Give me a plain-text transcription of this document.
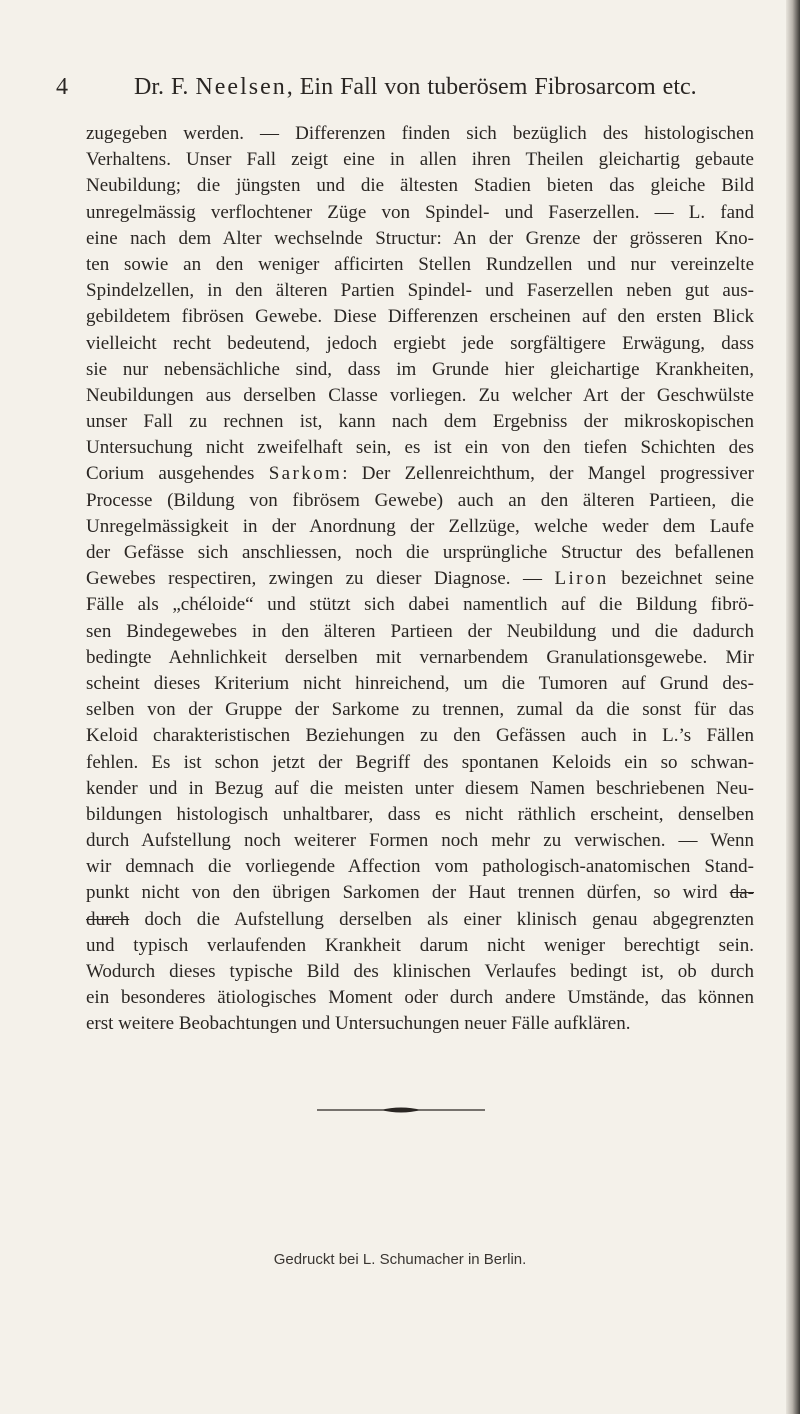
4	Dr. F. Neelsen, Ein Fall von tuberösem Fibrosarcom etc.
zugegeben werden. — Differenzen finden sich bezüglich des histologischen
Verhaltens. Unser Fall zeigt eine in allen ihren Theilen gleichartig gebaute
Neubildung; die jüngsten und die ältesten Stadien bieten das gleiche Bild
unregelmässig verflochtener Züge von Spindel- und Faserzellen. — L. fand
eine nach dem Alter wechselnde Structur: An der Grenze der grösseren Kno-
ten sowie an den weniger afficirten Stellen Rundzellen und nur vereinzelte
Spindelzellen, in den älteren Partien Spindel- und Faserzellen neben gut aus-
gebildetem fibrösen Gewebe. Diese Differenzen erscheinen auf den ersten Blick
vielleicht recht bedeutend, jedoch ergiebt jede sorgfältigere Erwägung, dass
sie nur nebensächliche sind, dass im Grunde hier gleichartige Krankheiten,
Neubildungen aus derselben Classe vorliegen. Zu welcher Art der Geschwülste
unser Fall zu rechnen ist, kann nach dem Ergebniss der mikroskopischen
Untersuchung nicht zweifelhaft sein, es ist ein von den tiefen Schichten des
Corium ausgehendes Sarkom: Der Zellenreichthum, der Mangel progressiver
Processe (Bildung von fibrösem Gewebe) auch an den älteren Partieen, die
Unregelmässigkeit in der Anordnung der Zellzüge, welche weder dem Laufe
der Gefässe sich anschliessen, noch die ursprüngliche Structur des befallenen
Gewebes respectiren, zwingen zu dieser Diagnose. — Liron bezeichnet seine
Fälle als „chéloide“ und stützt sich dabei namentlich auf die Bildung fibrö-
sen Bindegewebes in den älteren Partieen der Neubildung und die dadurch
bedingte Aehnlichkeit derselben mit vernarbendem Granulationsgewebe. Mir
scheint dieses Kriterium nicht hinreichend, um die Tumoren auf Grund des-
selben von der Gruppe der Sarkome zu trennen, zumal da die sonst für das
Keloid charakteristischen Beziehungen zu den Gefässen auch in L.’s Fällen
fehlen. Es ist schon jetzt der Begriff des spontanen Keloids ein so schwan-
kender und in Bezug auf die meisten unter diesem Namen beschriebenen Neu-
bildungen histologisch unhaltbarer, dass es nicht räthlich erscheint, denselben
durch Aufstellung noch weiterer Formen noch mehr zu verwischen. — Wenn
wir demnach die vorliegende Affection vom pathologisch-anatomischen Stand-
punkt nicht von den übrigen Sarkomen der Haut trennen dürfen, so wird da-
durch doch die Aufstellung derselben als einer klinisch genau abgegrenzten
und typisch verlaufenden Krankheit darum nicht weniger berechtigt sein.
Wodurch dieses typische Bild des klinischen Verlaufes bedingt ist, ob durch
ein besonderes ätiologisches Moment oder durch andere Umstände, das können
erst weitere Beobachtungen und Untersuchungen neuer Fälle aufklären.
Gedruckt bei L. Schumacher in Berlin.
